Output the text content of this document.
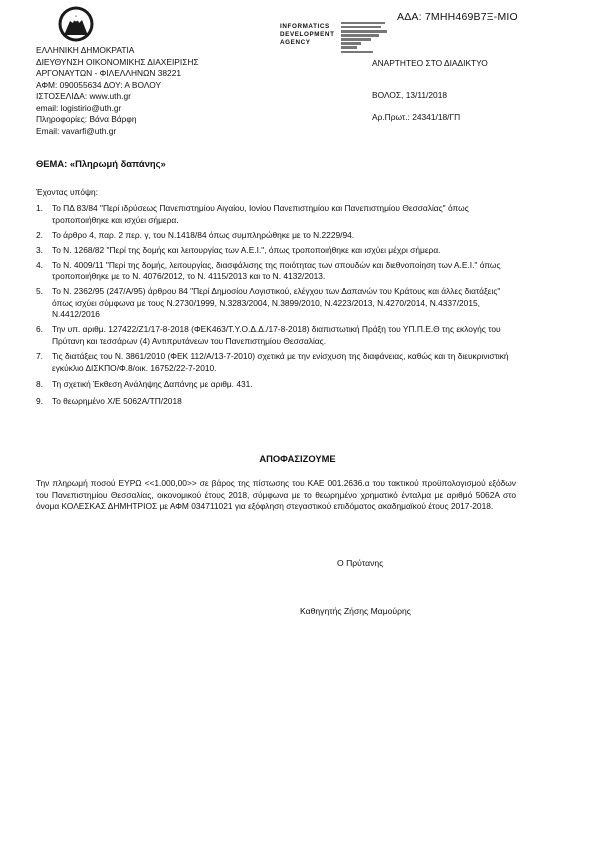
ΑΔΑ: 7ΜΗΗ469Β7Ξ-ΜΙΟ
INFORMATICS
DEVELOPMENT
AGENCY
ΕΛΛΗΝΙΚΗ ΔΗΜΟΚΡΑΤΙΑ
ΔΙΕΥΘΥΝΣΗ ΟΙΚΟΝΟΜΙΚΗΣ ΔΙΑΧΕΙΡΙΣΗΣ
ΑΡΓΟΝΑΥΤΩΝ - ΦΙΛΕΛΛΗΝΩΝ 38221
ΑΦΜ: 090055634 ΔΟΥ: Α ΒΟΛΟΥ
ΙΣΤΟΣΕΛΙΔΑ: www.uth.gr
email: logistirio@uth.gr
Πληροφορίες: Βάνα Βάρφη
Email: vavarfi@uth.gr
ΑΝΑΡΤΗΤΕΟ ΣΤΟ ΔΙΑΔΙΚΤΥΟ
ΒΟΛΟΣ, 13/11/2018
Αρ.Πρωτ.: 24341/18/ΓΠ
ΘΕΜΑ: «Πληρωμή δαπάνης»
Έχοντας υπόψη:
1.	Το ΠΔ 83/84 "Περί ιδρύσεως Πανεπιστημίου Αιγαίου, Ιονίου Πανεπιστημίου και Πανεπιστημίου Θεσσαλίας" όπως τροποποιήθηκε και ισχύει σήμερα.
2.	Το άρθρο 4, παρ. 2 περ. γ, του Ν.1418/84 όπως συμπληρώθηκε με το Ν.2229/94.
3.	Το Ν. 1268/82 "Περί της δομής και λειτουργίας των Α.Ε.Ι.", όπως τροποποιήθηκε και ισχύει μέχρι σήμερα.
4.	Το Ν. 4009/11 "Περί της δομής, λειτουργίας, διασφάλισης της ποιότητας των σπουδών και διεθνοποίηση των Α.Ε.Ι." όπως τροποποιήθηκε με το Ν. 4076/2012, το Ν. 4115/2013 και το Ν. 4132/2013.
5.	Το Ν. 2362/95 (247/Α/95) άρθρου 84 "Περί Δημοσίου Λογιστικού, ελέγχου των Δαπανών του Κράτους και άλλες διατάξεις" όπως ισχύει σύμφωνα με τους Ν.2730/1999, Ν.3283/2004, Ν.3899/2010, Ν.4223/2013, Ν.4270/2014, Ν.4337/2015, Ν.4412/2016
6.	Την υπ. αριθμ. 127422/Ζ1/17-8-2018 (ΦΕΚ463/Τ.Υ.Ο.Δ.Δ./17-8-2018) διαπιστωτική Πράξη του ΥΠ.Π.Ε.Θ της εκλογής του Πρύτανη και τεσσάρων (4) Αντιπρυτάνεων του Πανεπιστημίου Θεσσαλίας.
7.	Τις διατάξεις του Ν. 3861/2010 (ΦΕΚ 112/Α/13-7-2010) σχετικά με την ενίσχυση της διαφάνειας, καθώς και τη διευκρινιστική εγκύκλιο ΔΙΣΚΠΟ/Φ.8/οικ. 16752/22-7-2010.
8.	Τη σχετική Έκθεση Ανάληψης Δαπάνης με αριθμ. 431.
9.	Το θεωρημένο Χ/Ε 5062Α/ΤΠ/2018
ΑΠΟΦΑΣΙΖΟΥΜΕ
Την πληρωμή ποσού ΕΥΡΩ <<1.000,00>> σε βάρος της πίστωσης του ΚΑΕ 001.2636.α του τακτικού προϋπολογισμού εξόδων του Πανεπιστημίου Θεσσαλίας, οικονομικού έτους 2018, σύμφωνα με το θεωρημένο χρηματικό ένταλμα με αριθμό 5062Α στο όνομα ΚΟΛΕΣΚΑΣ ΔΗΜΗΤΡΙΟΣ με ΑΦΜ 034711021 για εξόφληση στεγαστικού επιδόματος ακαδημαϊκού έτους 2017-2018.
Ο Πρύτανης
Καθηγητής Ζήσης Μαμούρης
